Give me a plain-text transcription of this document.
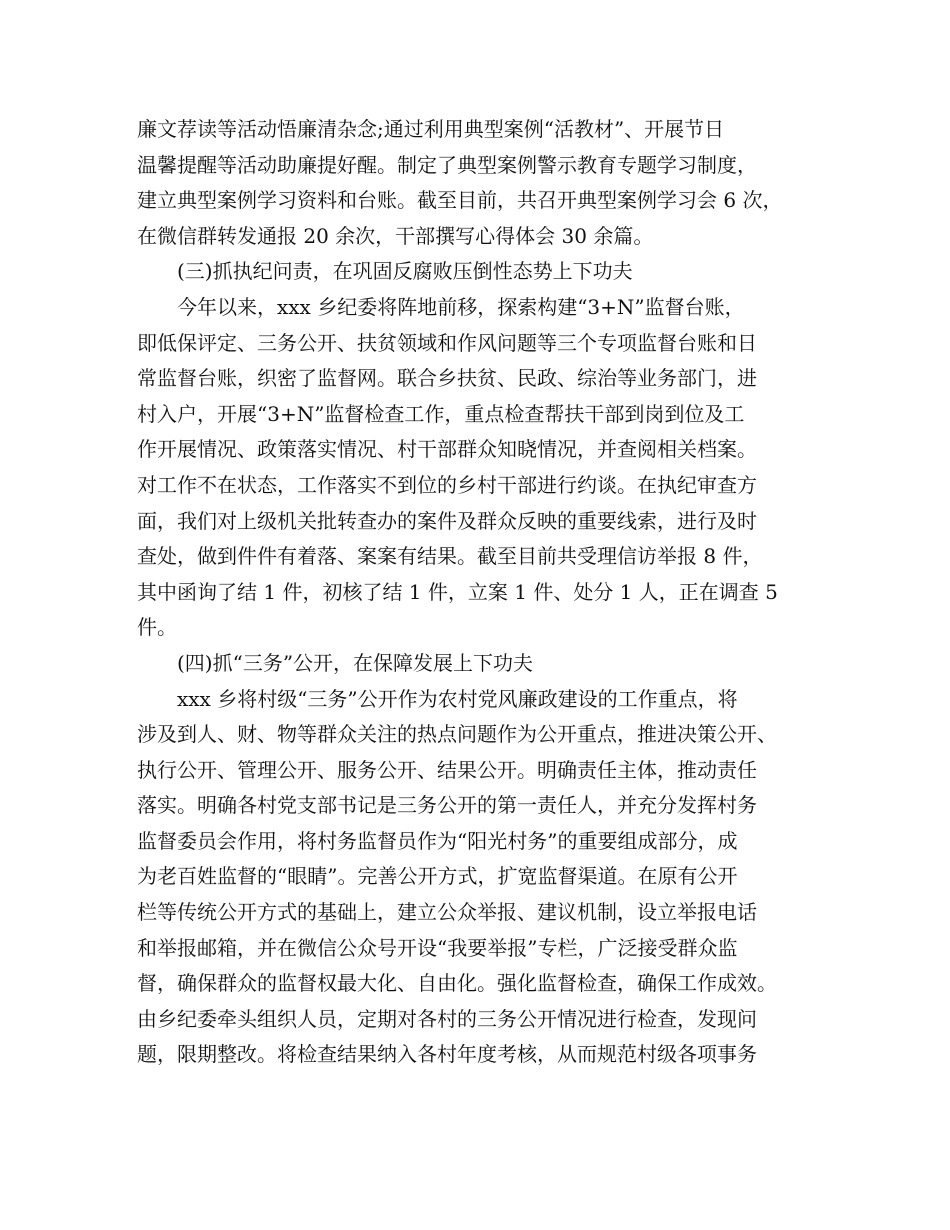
廉文荐读等活动悟廉清杂念;通过利用典型案例“活教材”、开展节日
温馨提醒等活动助廉提好醒。制定了典型案例警示教育专题学习制度，
建立典型案例学习资料和台账。截至目前，共召开典型案例学习会 6 次，
在微信群转发通报 20 余次，干部撰写心得体会 30 余篇。
(三)抓执纪问责，在巩固反腐败压倒性态势上下功夫
今年以来，xxx 乡纪委将阵地前移，探索构建“3+N”监督台账，
即低保评定、三务公开、扶贫领域和作风问题等三个专项监督台账和日
常监督台账，织密了监督网。联合乡扶贫、民政、综治等业务部门，进
村入户，开展“3+N”监督检查工作，重点检查帮扶干部到岗到位及工
作开展情况、政策落实情况、村干部群众知晓情况，并查阅相关档案。
对工作不在状态，工作落实不到位的乡村干部进行约谈。在执纪审查方
面，我们对上级机关批转查办的案件及群众反映的重要线索，进行及时
查处，做到件件有着落、案案有结果。截至目前共受理信访举报 8 件，
其中函询了结 1 件，初核了结 1 件，立案 1 件、处分 1 人，正在调查 5
件。
(四)抓“三务”公开，在保障发展上下功夫
xxx 乡将村级“三务”公开作为农村党风廉政建设的工作重点，将
涉及到人、财、物等群众关注的热点问题作为公开重点，推进决策公开、
执行公开、管理公开、服务公开、结果公开。明确责任主体，推动责任
落实。明确各村党支部书记是三务公开的第一责任人，并充分发挥村务
监督委员会作用，将村务监督员作为“阳光村务”的重要组成部分，成
为老百姓监督的“眼睛”。完善公开方式，扩宽监督渠道。在原有公开
栏等传统公开方式的基础上，建立公众举报、建议机制，设立举报电话
和举报邮箱，并在微信公众号开设“我要举报”专栏，广泛接受群众监
督，确保群众的监督权最大化、自由化。强化监督检查，确保工作成效。
由乡纪委牵头组织人员，定期对各村的三务公开情况进行检查，发现问
题，限期整改。将检查结果纳入各村年度考核，从而规范村级各项事务
